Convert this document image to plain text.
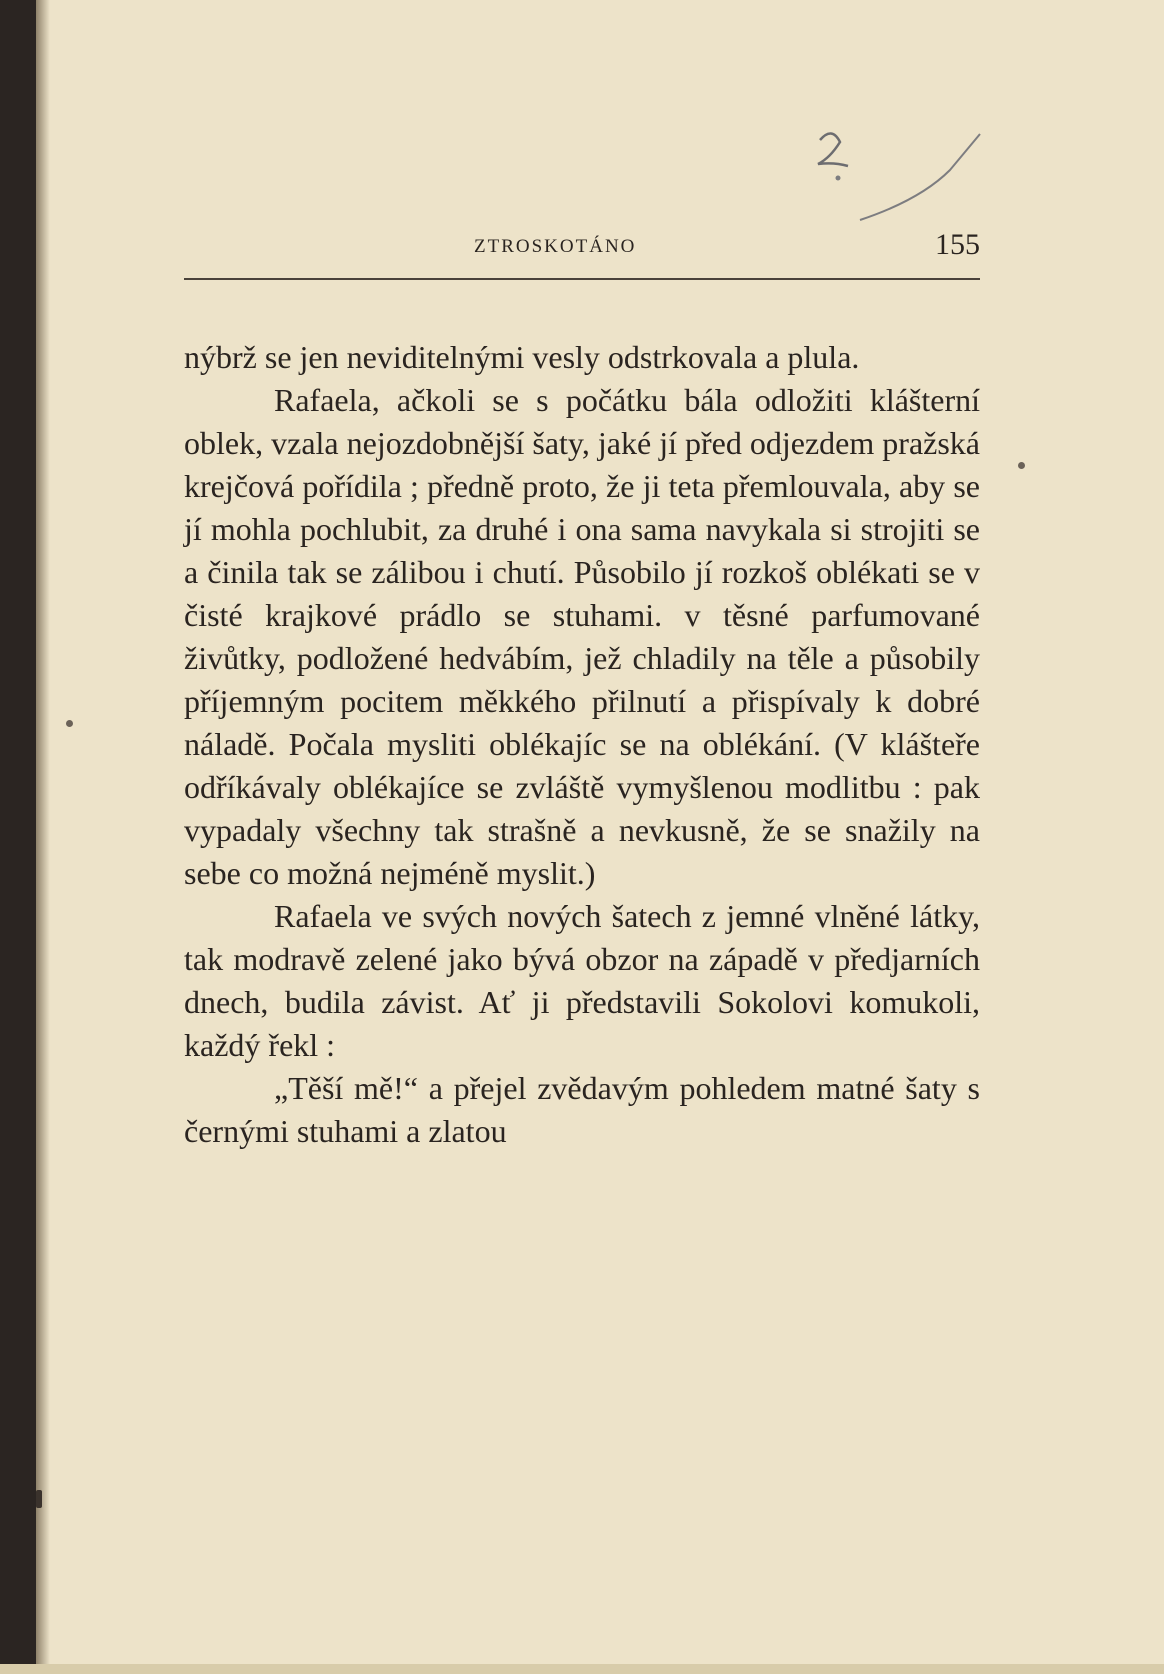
ZTROSKOTÁNO	155

nýbrž se jen neviditelnými vesly odstrkovala a plula.

Rafaela, ačkoli se s počátku bála odložiti klášterní oblek, vzala nejozdobnější šaty, jaké jí před odjezdem pražská krejčová pořídila ; předně proto, že ji teta přemlouvala, aby se jí mohla pochlubit, za druhé i ona sama navykala si strojiti se a činila tak se zálibou i chutí. Působilo jí rozkoš oblékati se v čisté krajkové prádlo se stuhami. v těsné parfumované živůtky, podložené hedvábím, jež chladily na těle a působily příjemným pocitem měkkého přilnutí a přispívaly k dobré náladě. Počala mysliti oblékajíc se na oblékání. (V klášteře odříkávaly oblékajíce se zvláště vymyšlenou modlitbu : pak vypadaly všechny tak strašně a nevkusně, že se snažily na sebe co možná nejméně myslit.)

Rafaela ve svých nových šatech z jemné vlněné látky, tak modravě zelené jako bývá obzor na západě v předjarních dnech, budila závist. Ať ji představili Sokolovi komukoli, každý řekl :

„Těší mě!“ a přejel zvědavým pohledem matné šaty s černými stuhami a zlatou
